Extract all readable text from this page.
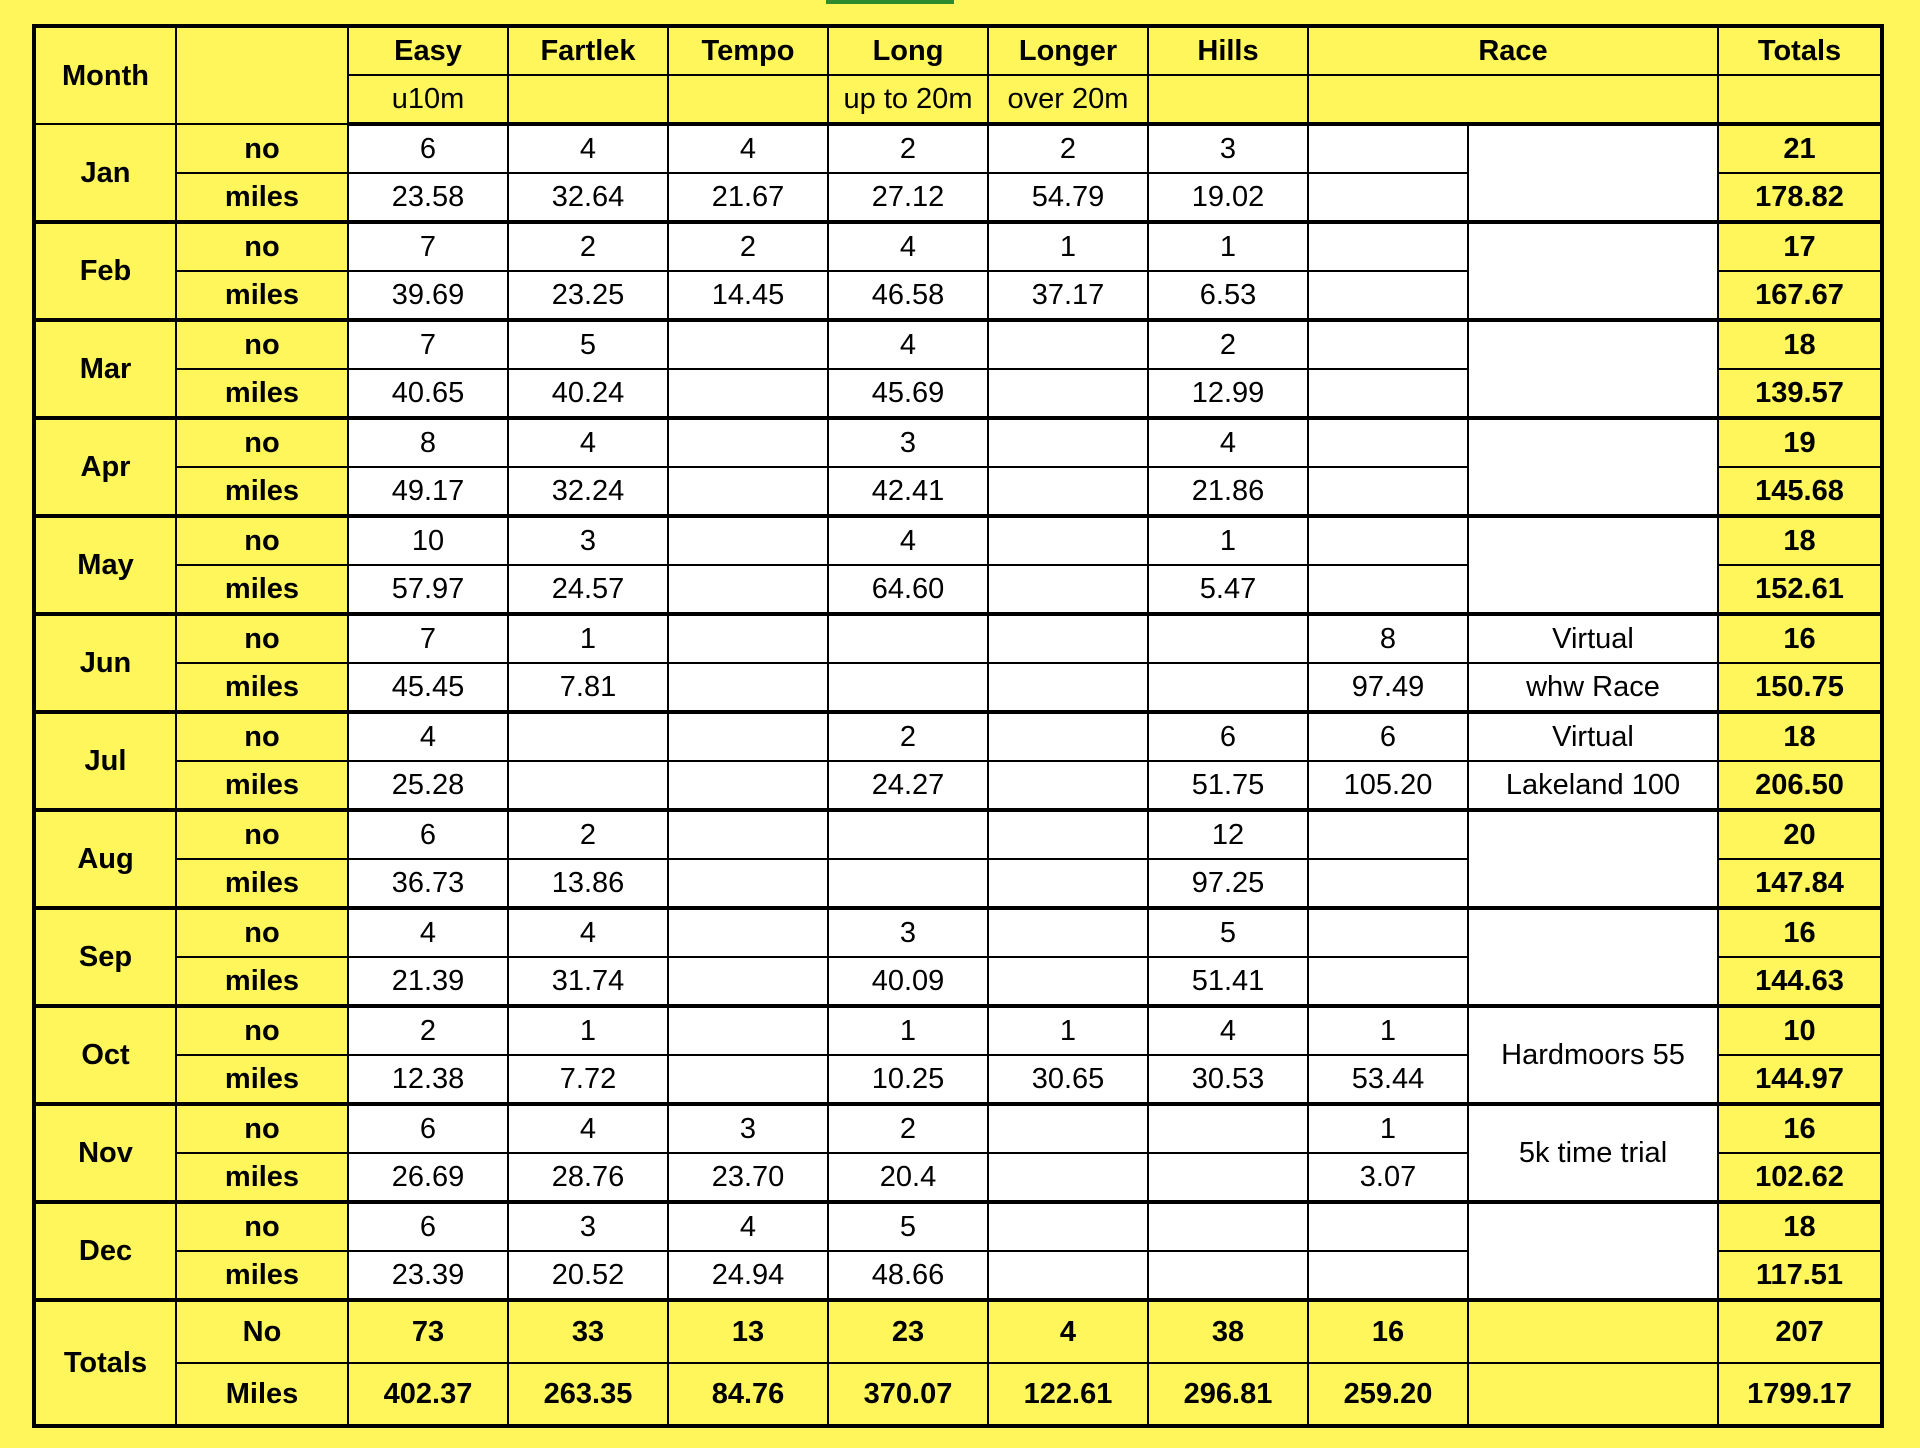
Month		Easy	Fartlek	Tempo	Long	Longer	Hills	Race		Totals
		u10m			up to 20m	over 20m				
Jan	no	6	4	4	2	2	3			21
	miles	23.58	32.64	21.67	27.12	54.79	19.02			178.82
Feb	no	7	2	2	4	1	1			17
	miles	39.69	23.25	14.45	46.58	37.17	6.53			167.67
Mar	no	7	5		4		2			18
	miles	40.65	40.24		45.69		12.99			139.57
Apr	no	8	4		3		4			19
	miles	49.17	32.24		42.41		21.86			145.68
May	no	10	3		4		1			18
	miles	57.97	24.57		64.60		5.47			152.61
Jun	no	7	1					8	Virtual	16
	miles	45.45	7.81					97.49	whw Race	150.75
Jul	no	4			2		6	6	Virtual	18
	miles	25.28			24.27		51.75	105.20	Lakeland 100	206.50
Aug	no	6	2				12			20
	miles	36.73	13.86				97.25			147.84
Sep	no	4	4		3		5			16
	miles	21.39	31.74		40.09		51.41			144.63
Oct	no	2	1		1	1	4	1	Hardmoors 55	10
	miles	12.38	7.72		10.25	30.65	30.53	53.44		144.97
Nov	no	6	4	3	2			1	5k time trial	16
	miles	26.69	28.76	23.70	20.4			3.07		102.62
Dec	no	6	3	4	5					18
	miles	23.39	20.52	24.94	48.66					117.51
Totals	No	73	33	13	23	4	38	16		207
	Miles	402.37	263.35	84.76	370.07	122.61	296.81	259.20		1799.17
